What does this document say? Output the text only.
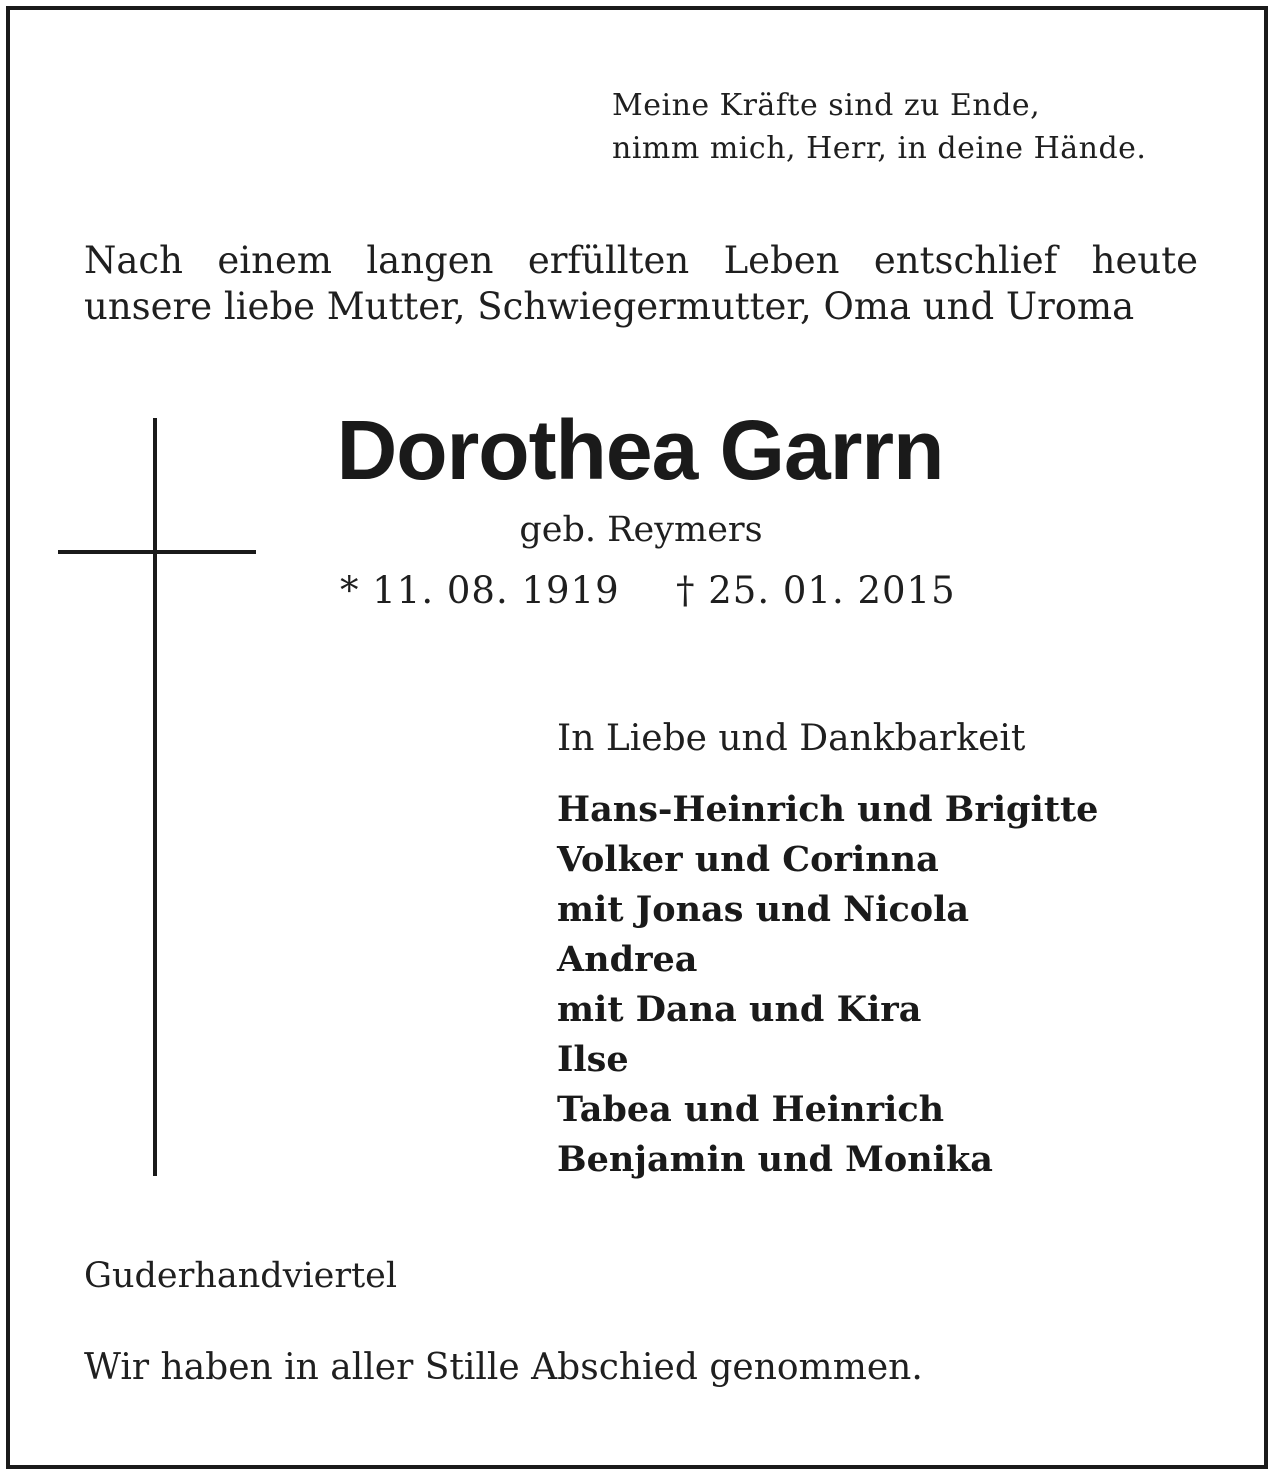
Meine Kräfte sind zu Ende,
nimm mich, Herr, in deine Hände.

Nach einem langen erfüllten Leben entschlief heute
unsere liebe Mutter, Schwiegermutter, Oma und Uroma

Dorothea Garrn

geb. Reymers

* 11. 08. 1919 † 25. 01. 2015

In Liebe und Dankbarkeit

Hans-Heinrich und Brigitte
Volker und Corinna
mit Jonas und Nicola
Andrea
mit Dana und Kira
Ilse
Tabea und Heinrich
Benjamin und Monika

Guderhandviertel

Wir haben in aller Stille Abschied genommen.
